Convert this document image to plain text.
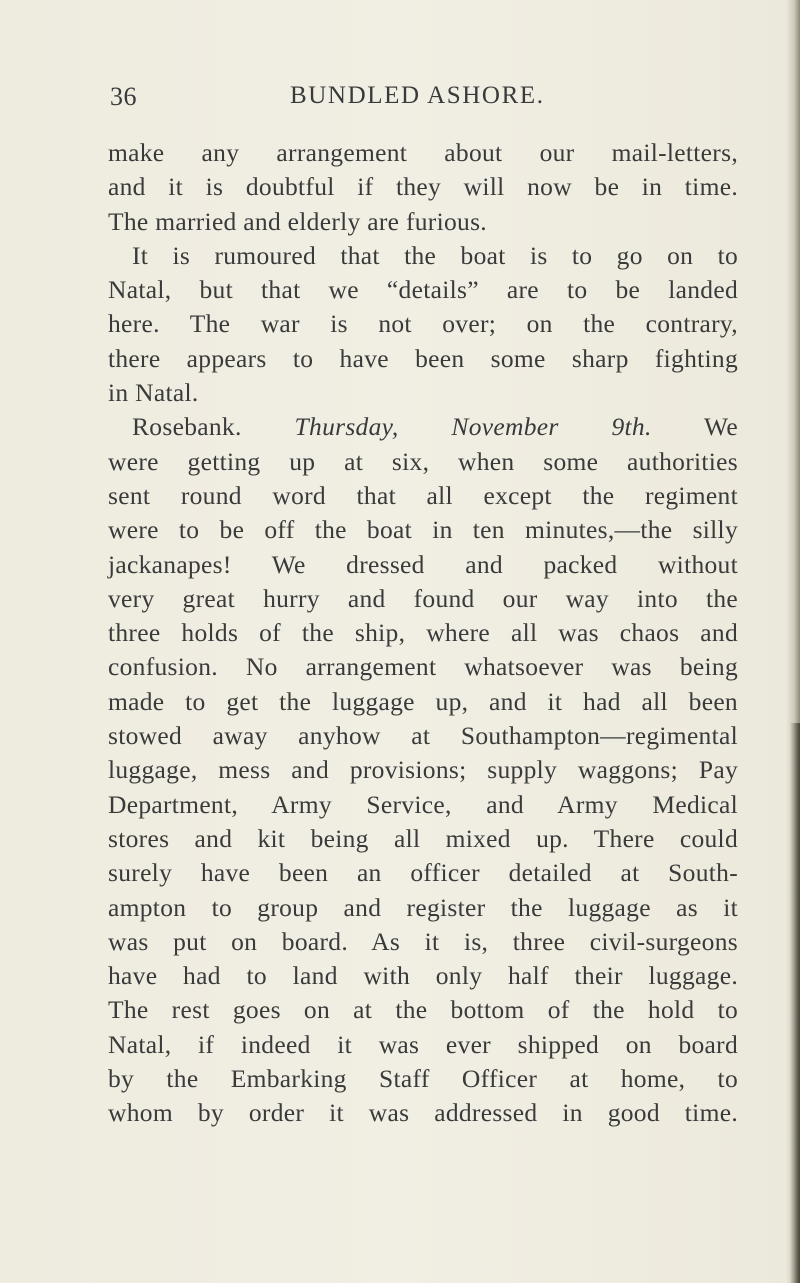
36	BUNDLED ASHORE.
make any arrangement about our mail-letters,
and it is doubtful if they will now be in time.
The married and elderly are furious.
It is rumoured that the boat is to go on to
Natal, but that we “details” are to be landed
here. The war is not over; on the contrary,
there appears to have been some sharp fighting
in Natal.
Rosebank. Thursday, November 9th. We
were getting up at six, when some authorities
sent round word that all except the regiment
were to be off the boat in ten minutes,—the silly
jackanapes! We dressed and packed without
very great hurry and found our way into the
three holds of the ship, where all was chaos and
confusion. No arrangement whatsoever was being
made to get the luggage up, and it had all been
stowed away anyhow at Southampton—regimental
luggage, mess and provisions; supply waggons; Pay
Department, Army Service, and Army Medical
stores and kit being all mixed up. There could
surely have been an officer detailed at South-
ampton to group and register the luggage as it
was put on board. As it is, three civil-surgeons
have had to land with only half their luggage.
The rest goes on at the bottom of the hold to
Natal, if indeed it was ever shipped on board
by the Embarking Staff Officer at home, to
whom by order it was addressed in good time.
